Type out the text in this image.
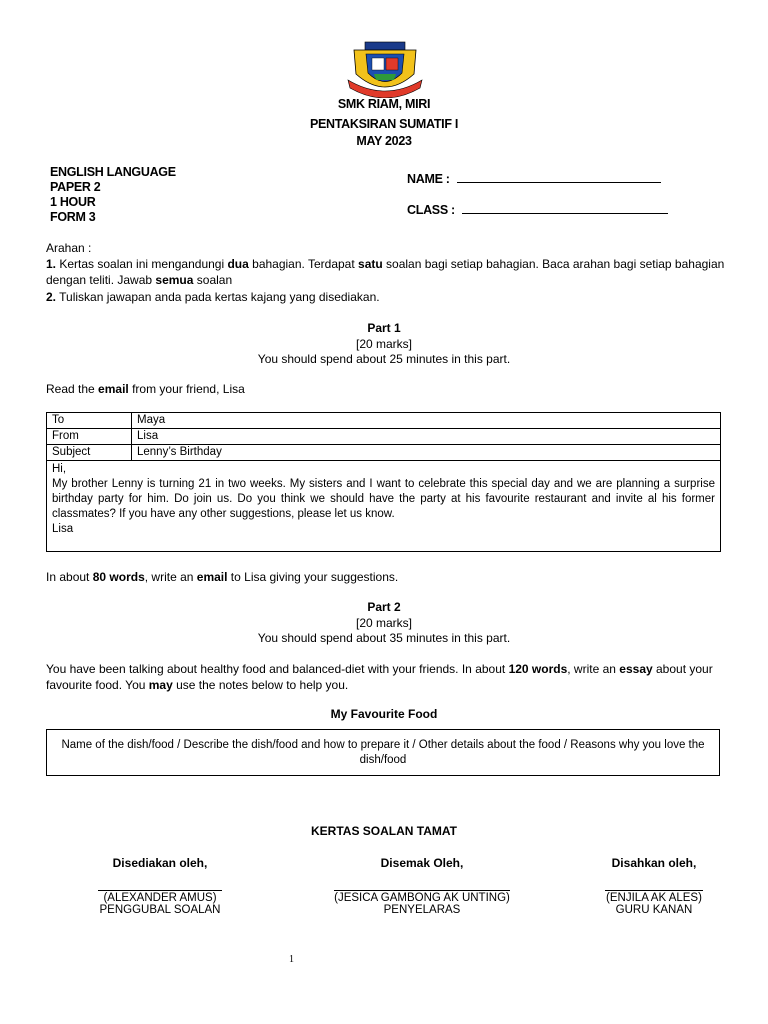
SMK RIAM, MIRI
PENTAKSIRAN SUMATIF I
MAY 2023
ENGLISH LANGUAGE
PAPER 2
1 HOUR
FORM 3
NAME :
CLASS :
Arahan :
1. Kertas soalan ini mengandungi dua bahagian. Terdapat satu soalan bagi setiap bahagian. Baca arahan bagi setiap bahagian
dengan teliti. Jawab semua soalan
2. Tuliskan jawapan anda pada kertas kajang yang disediakan.
Part 1
[20 marks]
You should spend about 25 minutes in this part.
Read the email from your friend, Lisa
To	Maya
From	Lisa
Subject	Lenny’s Birthday

Hi,
My brother Lenny is turning 21 in two weeks. My sisters and I want to celebrate this special day and we are planning a surprise birthday party for him. Do join us. Do you think we should have the party at his favourite restaurant and invite al his former classmates? If you have any other suggestions, please let us know.
Lisa	
In about 80 words, write an email to Lisa giving your suggestions.
Part 2
[20 marks]
You should spend about 35 minutes in this part.
You have been talking about healthy food and balanced-diet with your friends. In about 120 words, write an essay about your
favourite food. You may use the notes below to help you.
My Favourite Food
Name of the dish/food / Describe the dish/food and how to prepare it / Other details about the food / Reasons why you love the
dish/food
KERTAS SOALAN TAMAT
Disediakan oleh,
(ALEXANDER AMUS)
PENGGUBAL SOALAN
Disemak Oleh,
(JESICA GAMBONG AK UNTING)
PENYELARAS
Disahkan oleh,
(ENJILA AK ALES)
GURU KANAN
1
